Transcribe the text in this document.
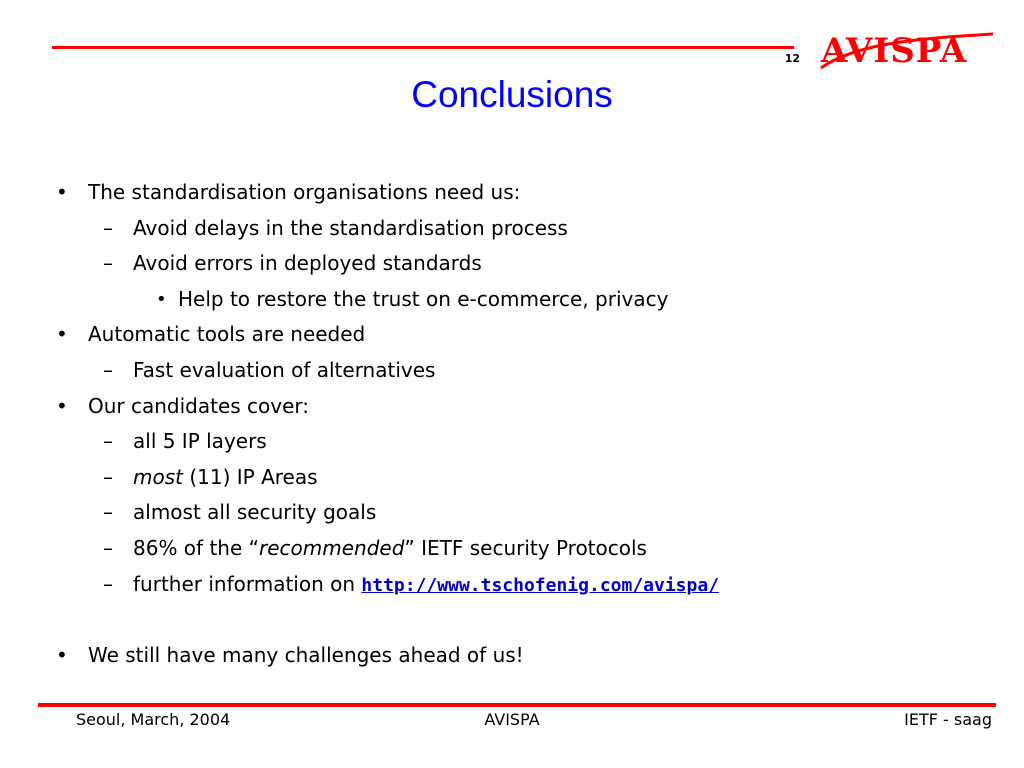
12 AVISPA
Conclusions
• The standardisation organisations need us:
– Avoid delays in the standardisation process
– Avoid errors in deployed standards
• Help to restore the trust on e-commerce, privacy
• Automatic tools are needed
– Fast evaluation of alternatives
• Our candidates cover:
– all 5 IP layers
– most (11) IP Areas
– almost all security goals
– 86% of the “recommended” IETF security Protocols
– further information on http://www.tschofenig.com/avispa/
• We still have many challenges ahead of us!
Seoul, March, 2004	AVISPA	IETF - saag
